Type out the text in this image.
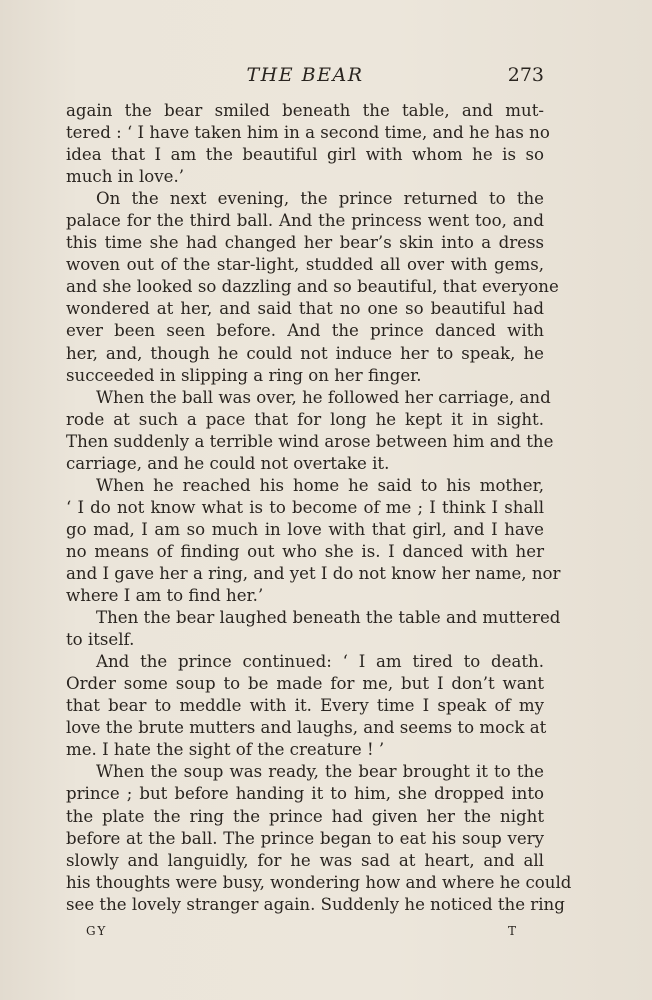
THE BEAR	273
again the bear smiled beneath the table, and mut-
tered : ‘ I have taken him in a second time, and he has no
idea that I am the beautiful girl with whom he is so
much in love.’
On the next evening, the prince returned to the
palace for the third ball. And the princess went too, and
this time she had changed her bear’s skin into a dress
woven out of the star-light, studded all over with gems,
and she looked so dazzling and so beautiful, that everyone
wondered at her, and said that no one so beautiful had
ever been seen before. And the prince danced with
her, and, though he could not induce her to speak, he
succeeded in slipping a ring on her finger.
When the ball was over, he followed her carriage, and
rode at such a pace that for long he kept it in sight.
Then suddenly a terrible wind arose between him and the
carriage, and he could not overtake it.
When he reached his home he said to his mother,
‘ I do not know what is to become of me ; I think I shall
go mad, I am so much in love with that girl, and I have
no means of finding out who she is. I danced with her
and I gave her a ring, and yet I do not know her name, nor
where I am to find her.’
Then the bear laughed beneath the table and muttered
to itself.
And the prince continued: ‘ I am tired to death.
Order some soup to be made for me, but I don’t want
that bear to meddle with it. Every time I speak of my
love the brute mutters and laughs, and seems to mock at
me. I hate the sight of the creature ! ’
When the soup was ready, the bear brought it to the
prince ; but before handing it to him, she dropped into
the plate the ring the prince had given her the night
before at the ball. The prince began to eat his soup very
slowly and languidly, for he was sad at heart, and all
his thoughts were busy, wondering how and where he could
see the lovely stranger again. Suddenly he noticed the ring
GY	T
